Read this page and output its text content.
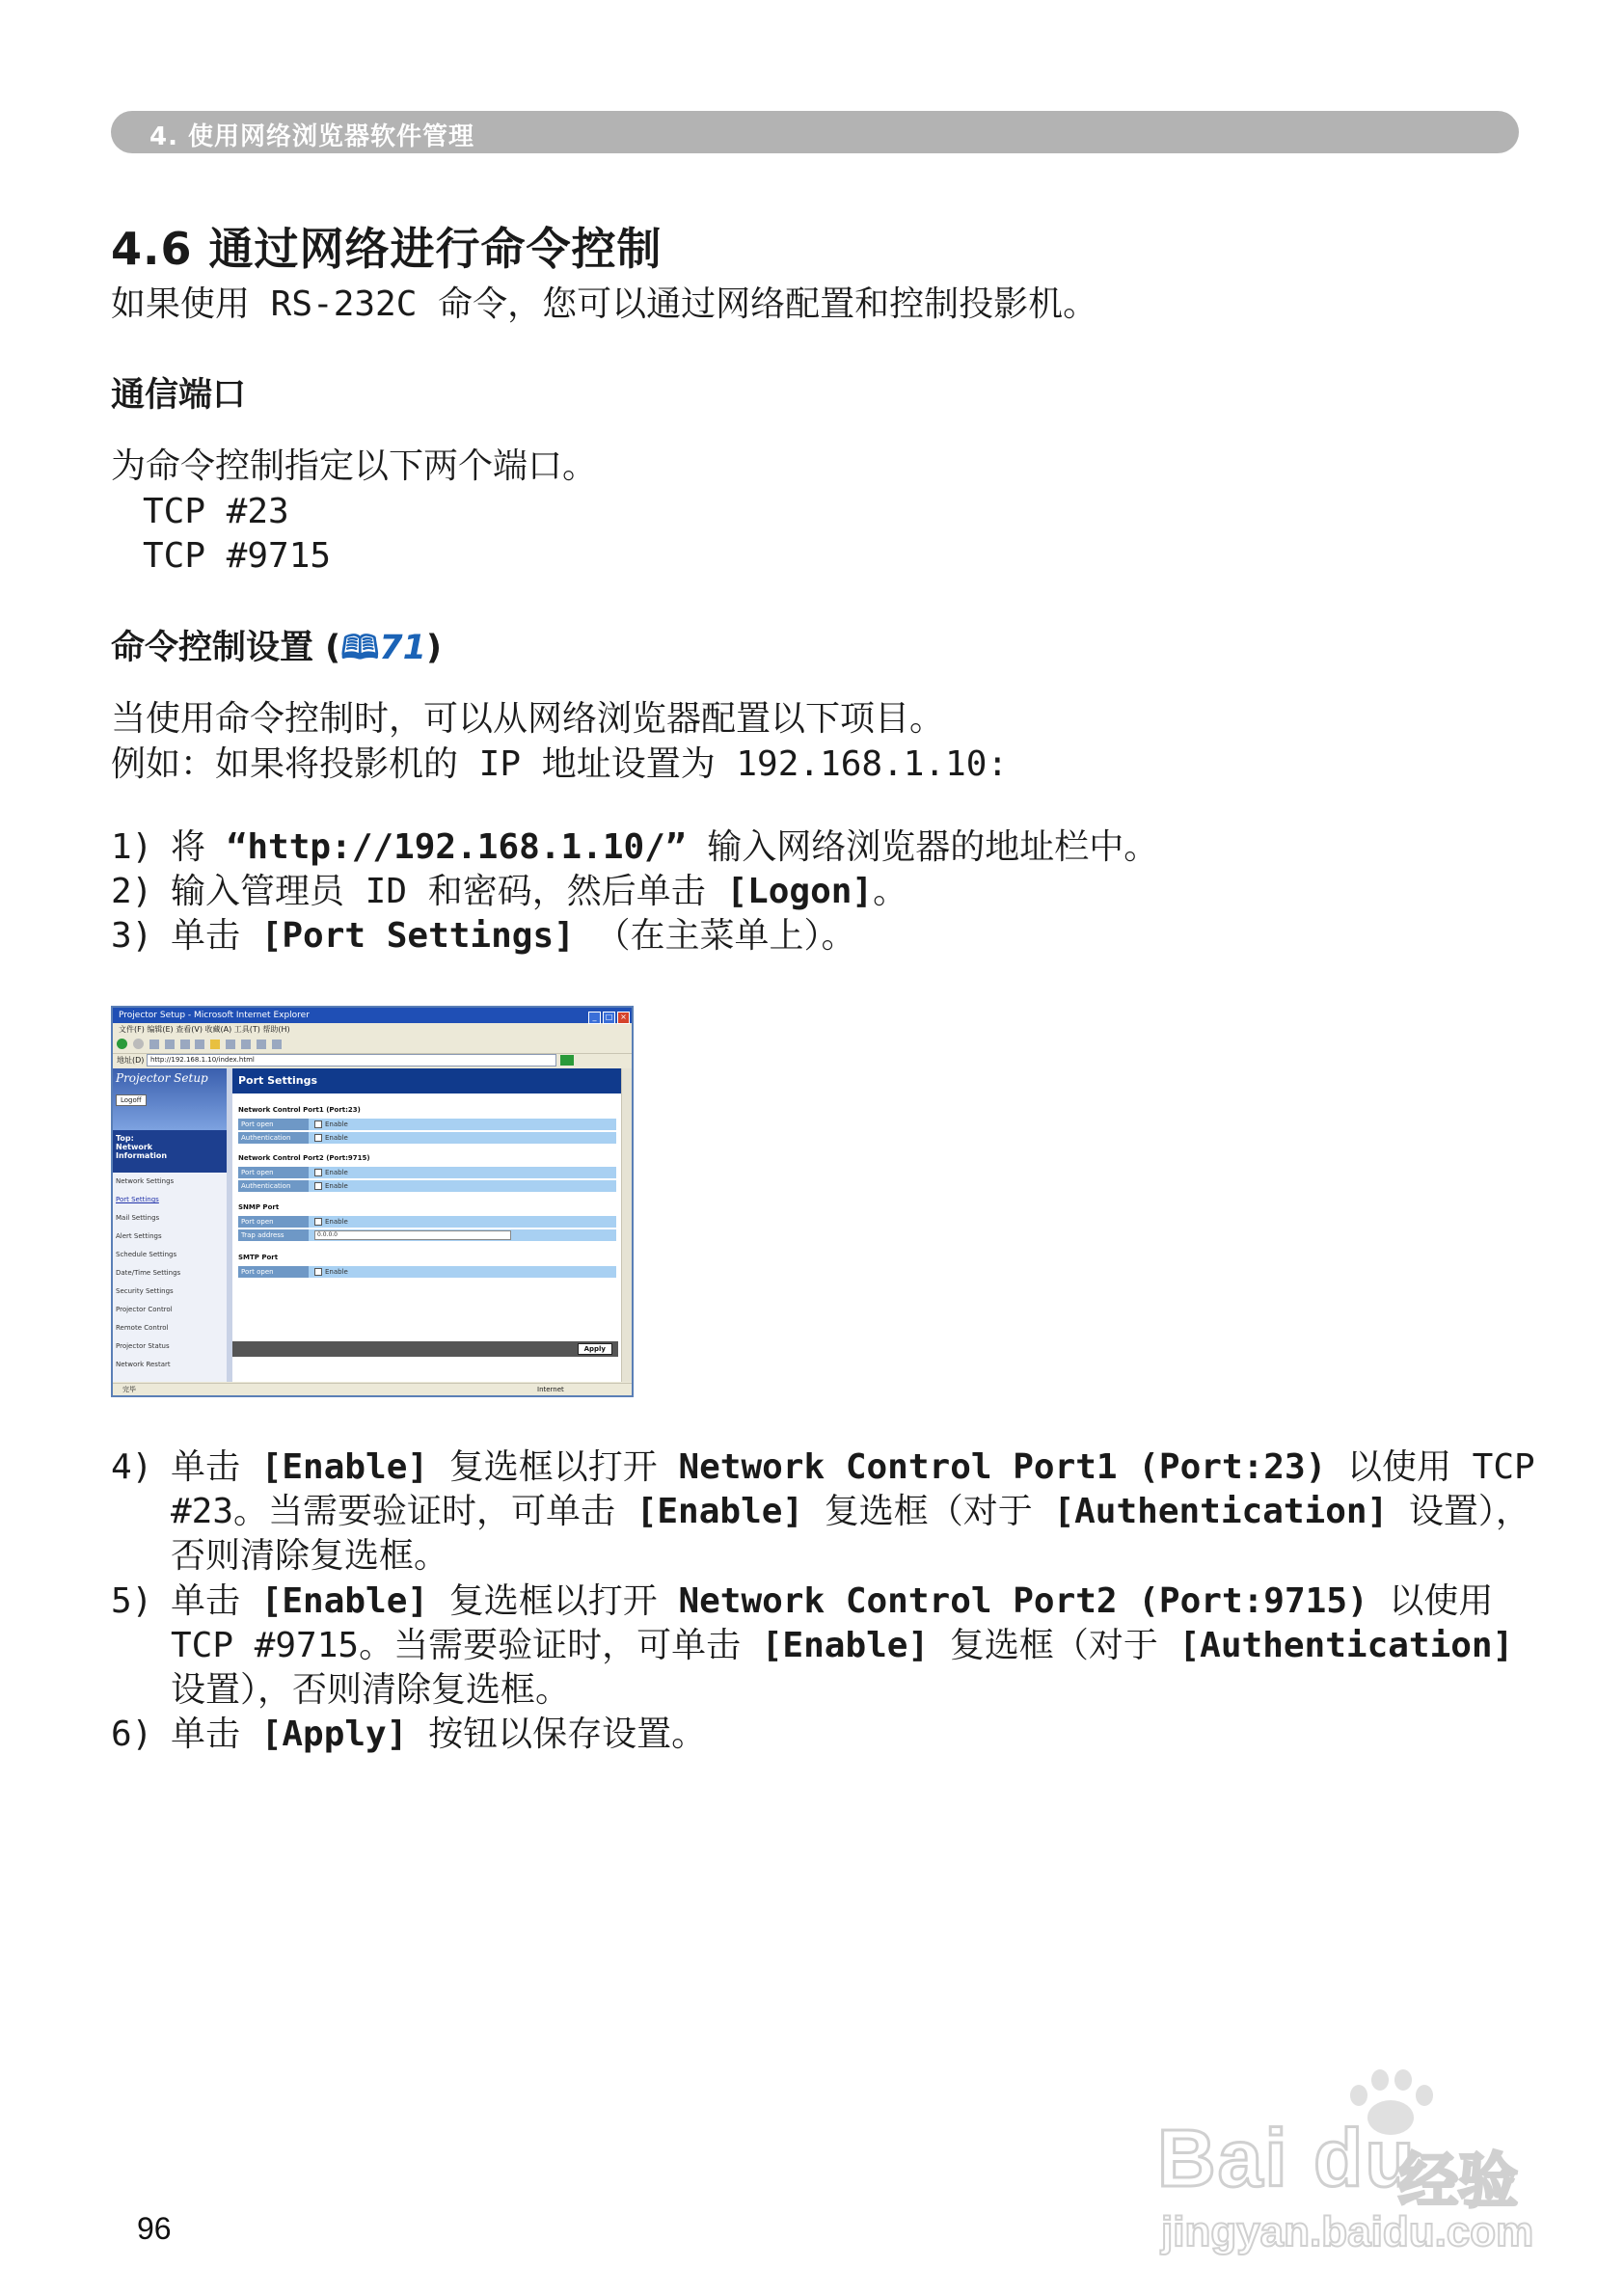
4. 使用网络浏览器软件管理
4.6 通过网络进行命令控制
如果使用 RS-232C 命令，您可以通过网络配置和控制投影机。
通信端口
为命令控制指定以下两个端口。
TCP #23
TCP #9715
命令控制设置 (🕮71)
当使用命令控制时，可以从网络浏览器配置以下项目。
例如：如果将投影机的 IP 地址设置为 192.168.1.10:
1) 将 “http://192.168.1.10/” 输入网络浏览器的地址栏中。
2) 输入管理员 ID 和密码，然后单击 [Logon]。
3) 单击 [Port Settings] （在主菜单上）。
Projector Setup - Microsoft Internet Explorer	_ □ ×
文件(F) 编辑(E) 查看(V) 收藏(A) 工具(T) 帮助(H)

地址(D) http://192.168.1.10/index.html
Projector Setup
Logoff
Top:
Network
Information
Network Settings
Port Settings
Mail Settings
Alert Settings
Schedule Settings
Date/Time Settings
Security Settings
Projector Control
Remote Control
Projector Status
Network Restart
Port Settings
Network Control Port1 (Port:23)
Port open	Enable
Authentication	Enable
Network Control Port2 (Port:9715)
Port open	Enable
Authentication	Enable
SNMP Port
Port open	Enable
Trap address	0.0.0.0
SMTP Port
Port open	Enable
Apply
完毕	Internet
4) 单击 [Enable] 复选框以打开 Network Control Port1 (Port:23) 以使用 TCP
#23。当需要验证时，可单击 [Enable] 复选框（对于 [Authentication] 设置），
否则清除复选框。
5) 单击 [Enable] 复选框以打开 Network Control Port2 (Port:9715) 以使用
TCP #9715。当需要验证时，可单击 [Enable] 复选框（对于 [Authentication]
设置），否则清除复选框。
6) 单击 [Apply] 按钮以保存设置。
96
Bai du
经验
jingyan.baidu.com
